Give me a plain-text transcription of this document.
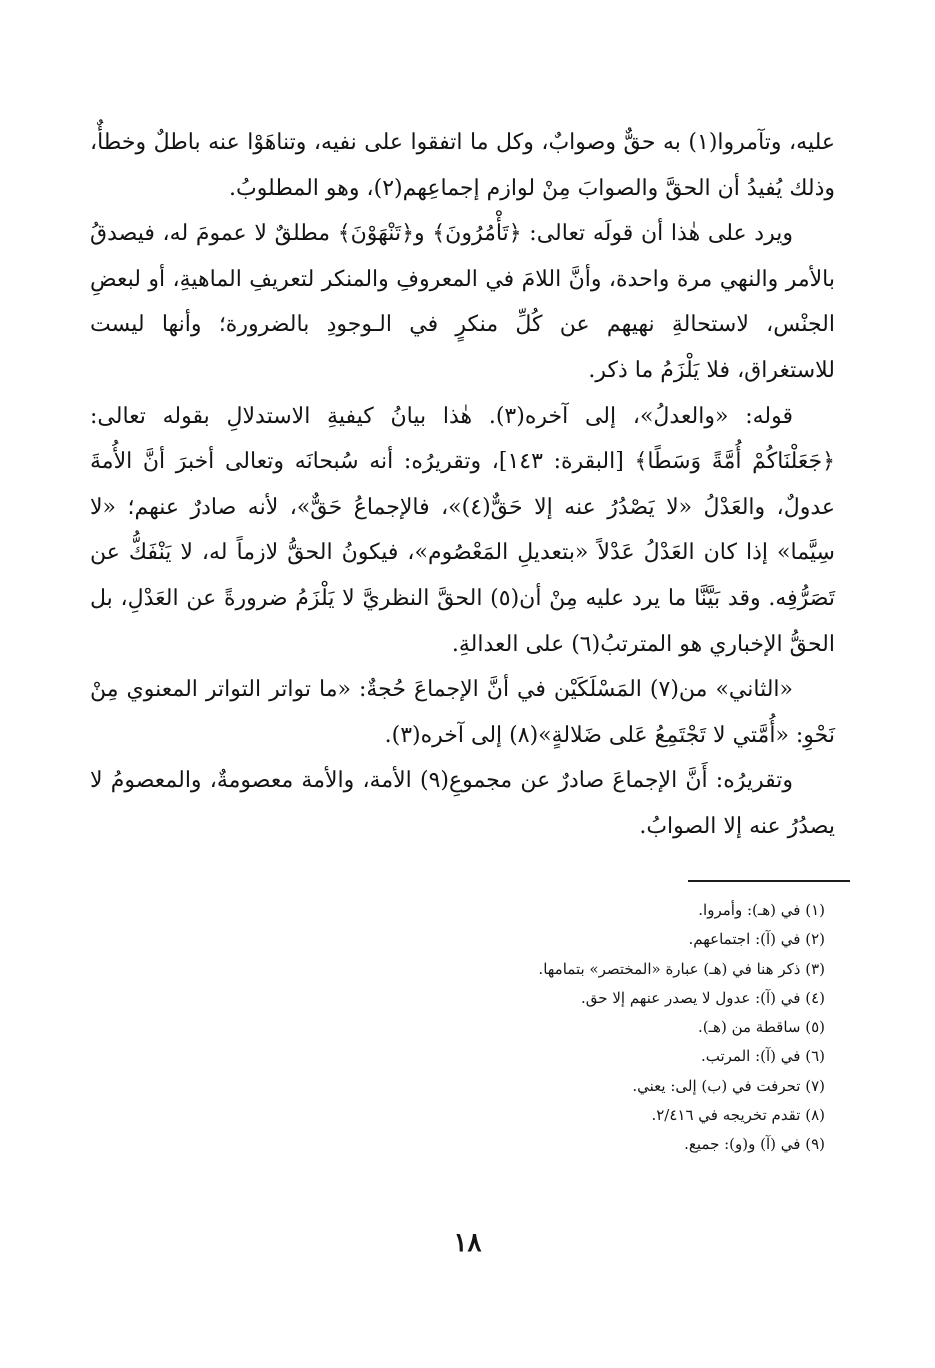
عليه، وتآمروا(١) به حقٌّ وصوابٌ، وكل ما اتفقوا على نفيه، وتناهَوْا عنه باطلٌ وخطأٌ، وذلك يُفيدُ أن الحقَّ والصوابَ مِنْ لوازم إجماعِهم(٢)، وهو المطلوبُ.

ويرد على هٰذا أن قولَه تعالى: ﴿تَأْمُرُونَ﴾ و﴿تَنْهَوْنَ﴾ مطلقٌ لا عمومَ له، فيصدقُ بالأمر والنهي مرة واحدة، وأنَّ اللامَ في المعروفِ والمنكر لتعريفِ الماهيةِ، أو لبعضِ الجنْس، لاستحالةِ نهيهم عن كُلِّ منكرٍ في الـوجودِ بالضرورة؛ وأنها ليست للاستغراق، فلا يَلْزَمُ ما ذكر.

قوله: «والعدلُ»، إلى آخره(٣). هٰذا بيانُ كيفيةِ الاستدلالِ بقوله تعالى: ﴿جَعَلْنَاكُمْ أُمَّةً وَسَطًا﴾ [البقرة: ١٤٣]، وتقريرُه: أنه سُبحانَه وتعالى أخبرَ أنَّ الأُمةَ عدولٌ، والعَدْلُ «لا يَصْدُرُ عنه إلا حَقٌّ(٤)»، فالإجماعُ حَقٌّ»، لأنه صادرٌ عنهم؛ «لا سِيَّما» إذا كان العَدْلُ عَدْلاً «بتعديلِ المَعْصُوم»، فيكونُ الحقُّ لازماً له، لا يَنْفَكُّ عن تَصَرُّفِه. وقد بَيَّنَّا ما يرد عليه مِنْ أن(٥) الحقَّ النظريَّ لا يَلْزَمُ ضرورةً عن العَدْلِ، بل الحقُّ الإخباري هو المترتبُ(٦) على العدالةِ.

«الثاني» من(٧) المَسْلَكَيْن في أنَّ الإجماعَ حُجةٌ: «ما تواتر التواتر المعنوي مِنْ نَحْوِ: «أُمَّتي لا تَجْتَمِعُ عَلى ضَلالةٍ»(٨) إلى آخره(٣).

وتقريرُه: أَنَّ الإجماعَ صادرٌ عن مجموعِ(٩) الأمة، والأمة معصومةٌ، والمعصومُ لا يصدُرُ عنه إلا الصوابُ.

(١) في (هـ): وأمروا.
(٢) في (آ): اجتماعهم.
(٣) ذكر هنا في (هـ) عبارة «المختصر» بتمامها.
(٤) في (آ): عدول لا يصدر عنهم إلا حق.
(٥) ساقطة من (هـ).
(٦) في (آ): المرتب.
(٧) تحرفت في (ب) إلى: يعني.
(٨) تقدم تخريجه في ٢/٤١٦.
(٩) في (آ) و(و): جميع.
١٨
